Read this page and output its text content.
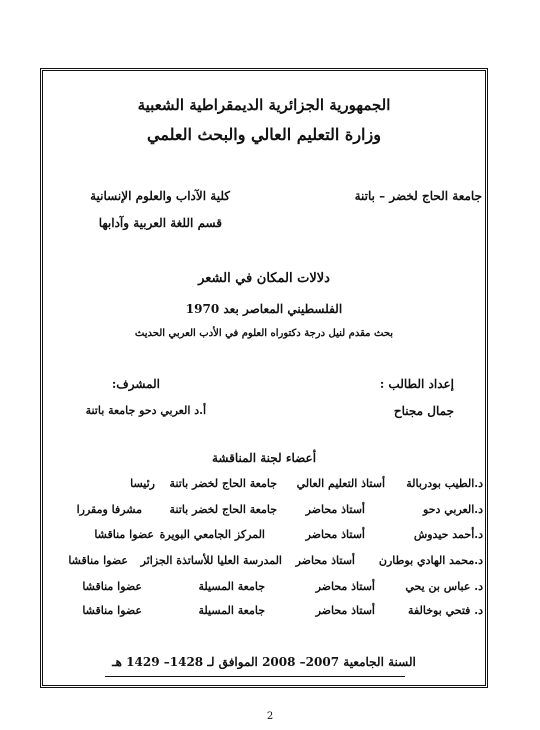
الجمهورية الجزائرية الديمقراطية الشعبية
وزارة التعليم العالي والبحث العلمي
جامعة الحاج لخضر – باتنة
كلية الآداب والعلوم الإنسانية
قسم اللغة العربية وآدابها
دلالات المكان في الشعر
الفلسطيني المعاصر بعد 1970
بحث مقدم لنيل درجة دكتوراه العلوم في الأدب العربي الحديث
إعداد الطالب :
المشرف:
جمال مجناح
أ.د العربي دحو جامعة باتنة
أعضاء لجنة المناقشة
د.الطيب بودربالة
أستاذ التعليم العالي
جامعة الحاج لخضر باتنة
رئيسا
د.العربي دحو
أستاذ محاضر
جامعة الحاج لخضر باتنة
مشرفا ومقررا
د.أحمد حيدوش
أستاذ محاضر
المركز الجامعي البويرة
عضوا مناقشا
د.محمد الهادي بوطارن
أستاذ محاضر
المدرسة العليا للأساتذة الجزائر
عضوا مناقشا
د. عباس بن يحي
أستاذ محاضر
جامعة المسيلة
عضوا مناقشا
د. فتحي بوخالفة
أستاذ محاضر
جامعة المسيلة
عضوا مناقشا
السنة الجامعية 2007– 2008 الموافق لـ 1428– 1429 هـ
2
